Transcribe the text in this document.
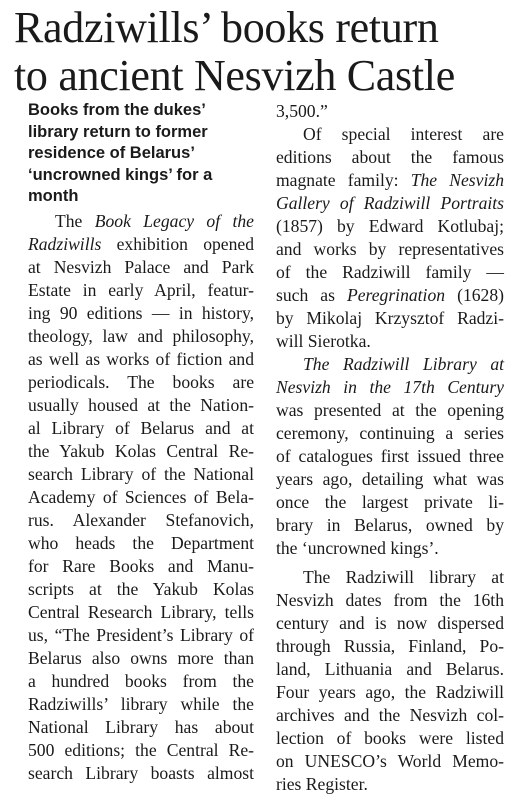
Radziwills’ books return
to ancient Nesvizh Castle
Books from the dukes’
library return to former
residence of Belarus’
‘uncrowned kings’ for a
month
The Book Legacy of the
Radziwills exhibition opened
at Nesvizh Palace and Park
Estate in early April, featur-
ing 90 editions — in history,
theology, law and philosophy,
as well as works of fiction and
periodicals. The books are
usually housed at the Nation-
al Library of Belarus and at
the Yakub Kolas Central Re-
search Library of the National
Academy of Sciences of Bela-
rus. Alexander Stefanovich,
who heads the Department
for Rare Books and Manu-
scripts at the Yakub Kolas
Central Research Library, tells
us, “The President’s Library of
Belarus also owns more than
a hundred books from the
Radziwills’ library while the
National Library has about
500 editions; the Central Re-
search Library boasts almost
3,500.”
Of special interest are
editions about the famous
magnate family: The Nesvizh
Gallery of Radziwill Portraits
(1857) by Edward Kotlubaj;
and works by representatives
of the Radziwill family —
such as Peregrination (1628)
by Mikolaj Krzysztof Radzi-
will Sierotka.
The Radziwill Library at
Nesvizh in the 17th Century
was presented at the opening
ceremony, continuing a series
of catalogues first issued three
years ago, detailing what was
once the largest private li-
brary in Belarus, owned by
the ‘uncrowned kings’.
The Radziwill library at
Nesvizh dates from the 16th
century and is now dispersed
through Russia, Finland, Po-
land, Lithuania and Belarus.
Four years ago, the Radziwill
archives and the Nesvizh col-
lection of books were listed
on UNESCO’s World Memo-
ries Register.
